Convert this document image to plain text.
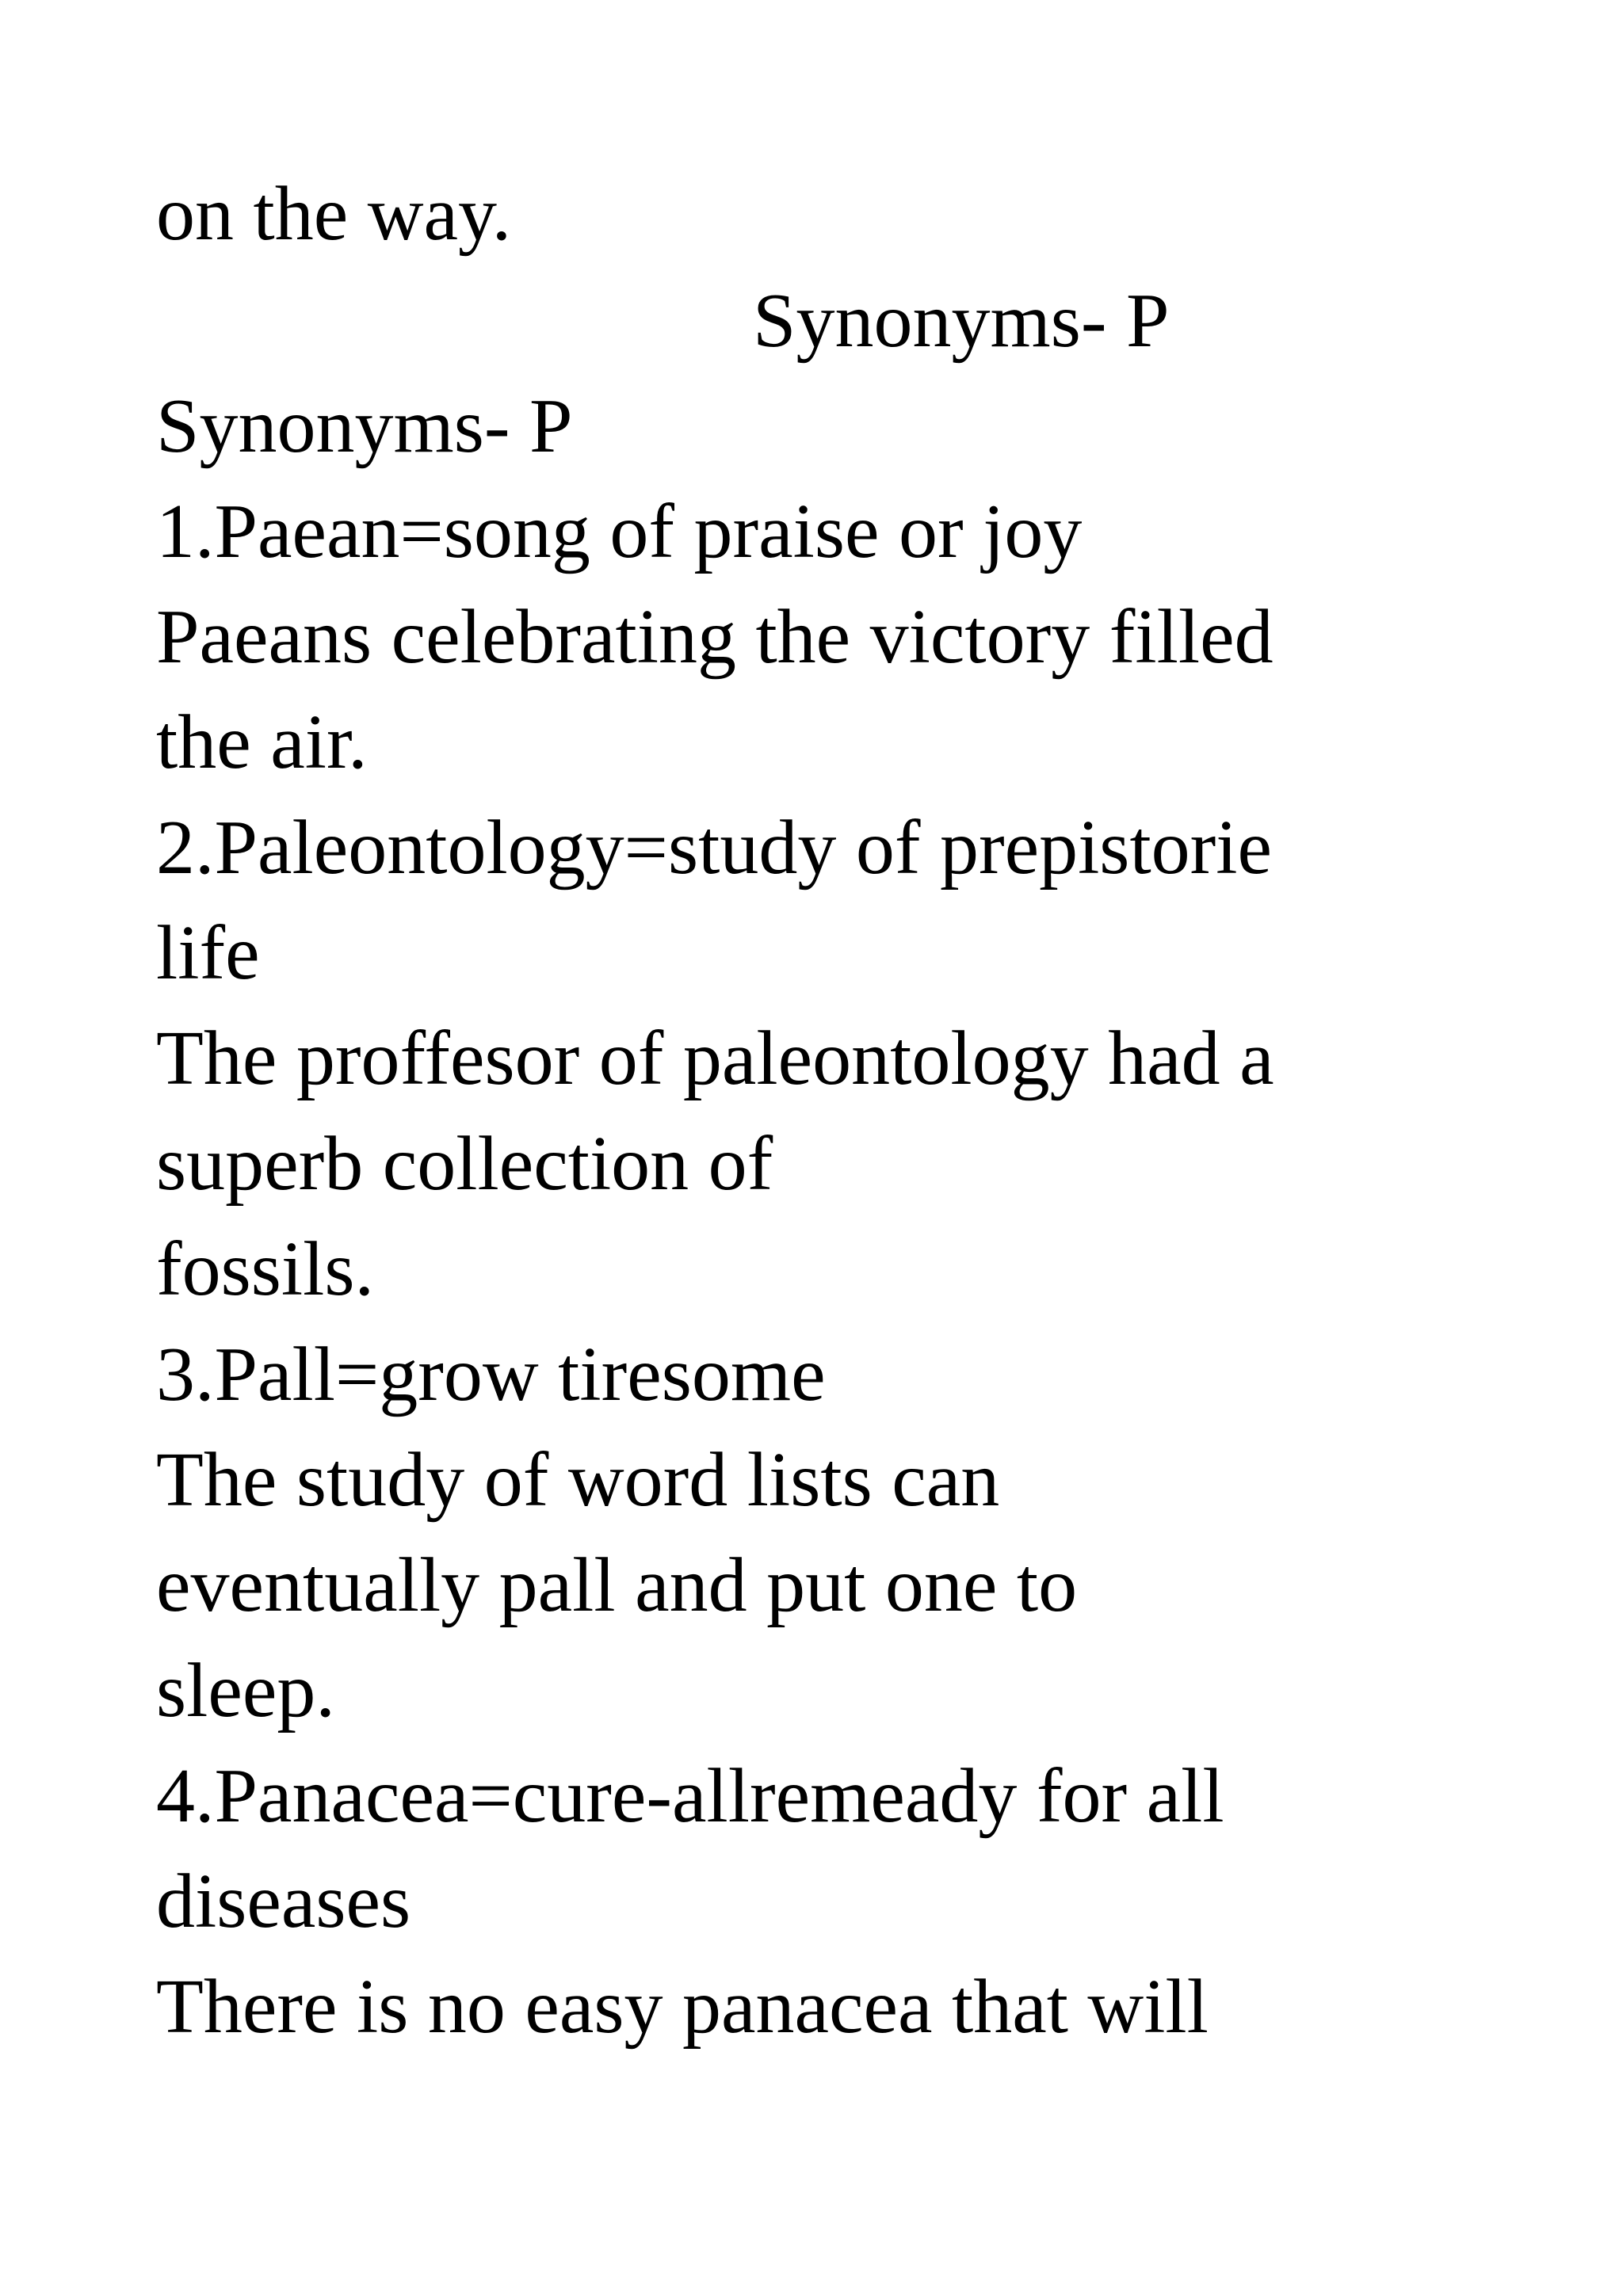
on the way.

Synonyms- P

Synonyms- P

1.Paean=song of praise or joy

Paeans celebrating the victory filled

the air.

2.Paleontology=study of prepistorie

life

The proffesor of paleontology had a

superb collection of

fossils.

3.Pall=grow tiresome

The study of word lists can

eventually pall and put one to

sleep.

4.Panacea=cure-allremeady for all

diseases

There is no easy panacea that will
